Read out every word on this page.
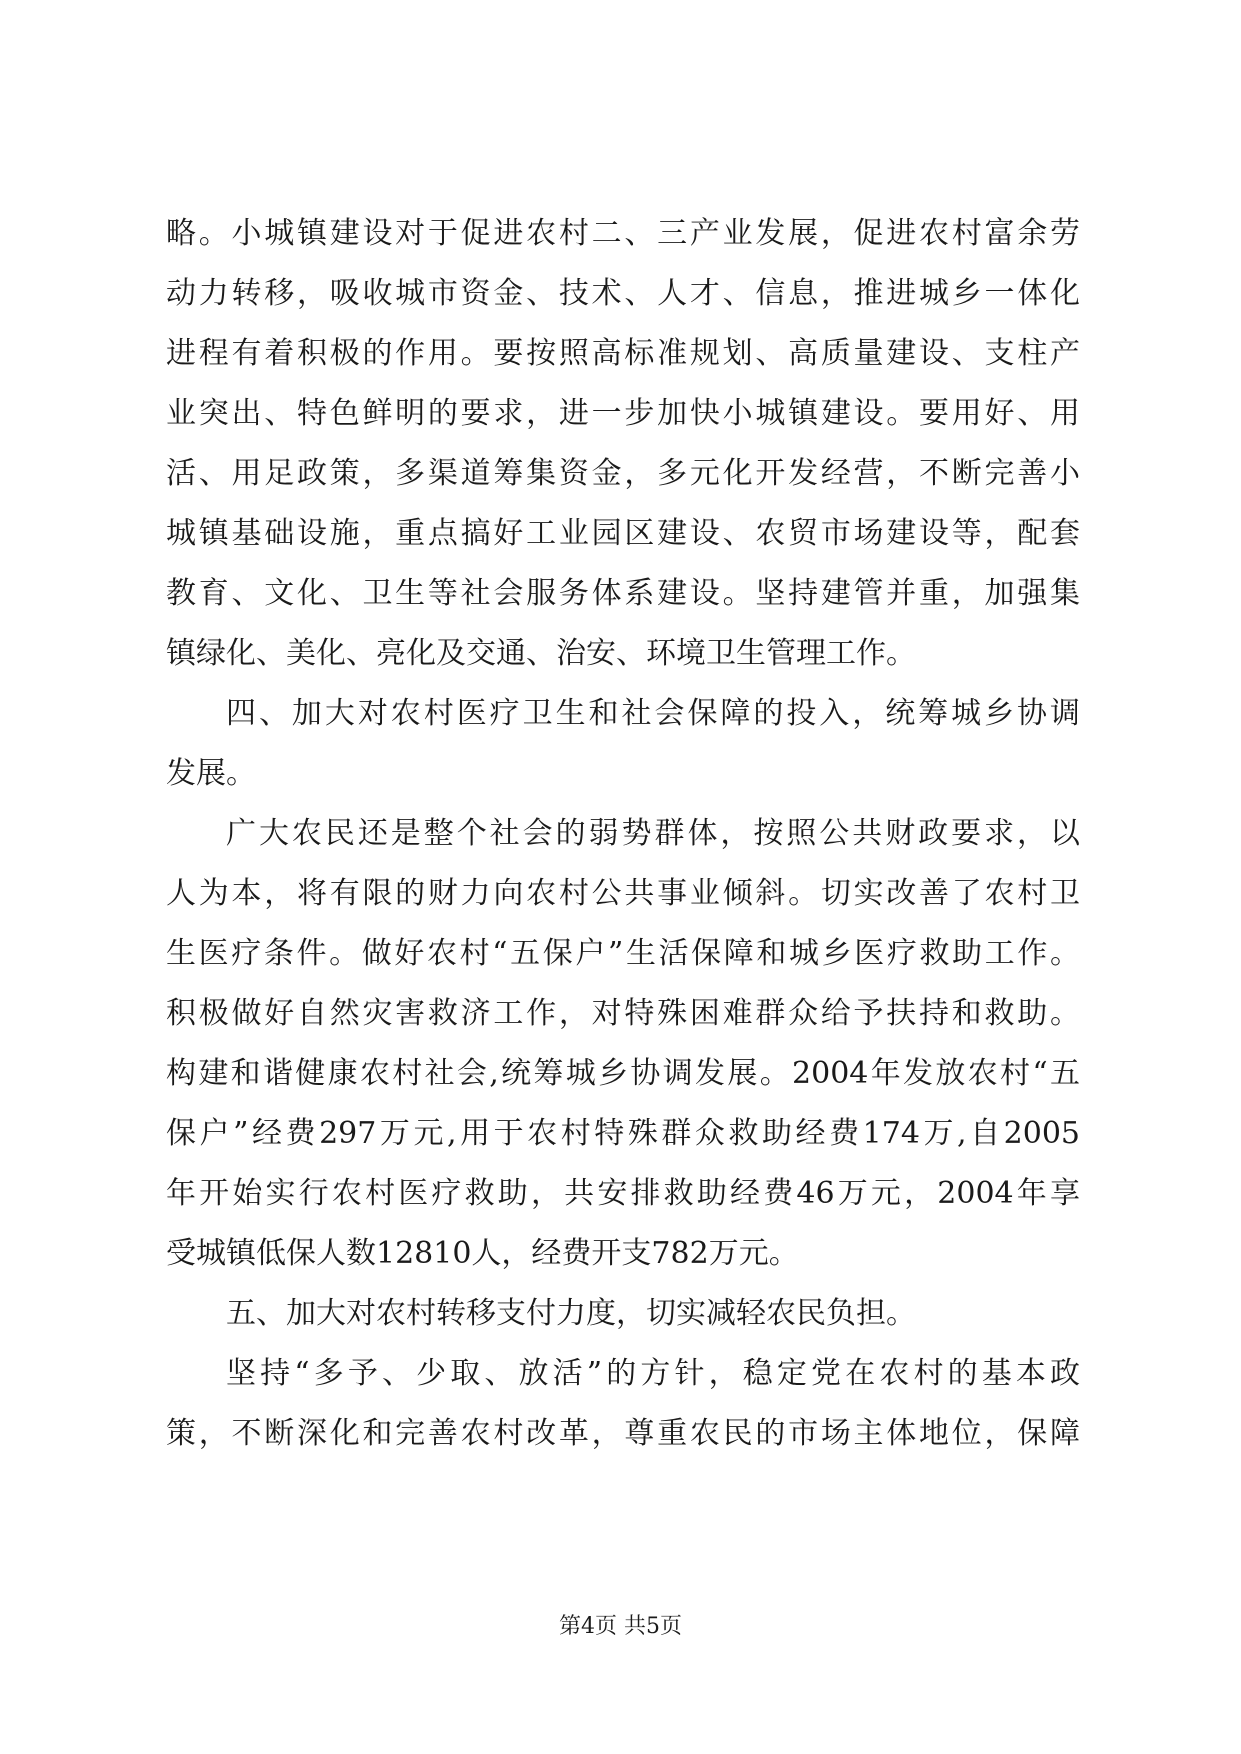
略。小城镇建设对于促进农村二、三产业发展，促进农村富余劳
动力转移，吸收城市资金、技术、人才、信息，推进城乡一体化
进程有着积极的作用。要按照高标准规划、高质量建设、支柱产
业突出、特色鲜明的要求，进一步加快小城镇建设。要用好、用
活、用足政策，多渠道筹集资金，多元化开发经营，不断完善小
城镇基础设施，重点搞好工业园区建设、农贸市场建设等，配套
教育、文化、卫生等社会服务体系建设。坚持建管并重，加强集
镇绿化、美化、亮化及交通、治安、环境卫生管理工作。
四、加大对农村医疗卫生和社会保障的投入，统筹城乡协调
发展。
广大农民还是整个社会的弱势群体，按照公共财政要求，以
人为本，将有限的财力向农村公共事业倾斜。切实改善了农村卫
生医疗条件。做好农村“五保户”生活保障和城乡医疗救助工作。
积极做好自然灾害救济工作，对特殊困难群众给予扶持和救助。
构建和谐健康农村社会,统筹城乡协调发展。2004年发放农村“五
保户”经费297万元,用于农村特殊群众救助经费174万,自2005
年开始实行农村医疗救助，共安排救助经费46万元，2004年享
受城镇低保人数12810人，经费开支782万元。
五、加大对农村转移支付力度，切实减轻农民负担。
坚持“多予、少取、放活”的方针，稳定党在农村的基本政
策，不断深化和完善农村改革，尊重农民的市场主体地位，保障
第4页 共5页
